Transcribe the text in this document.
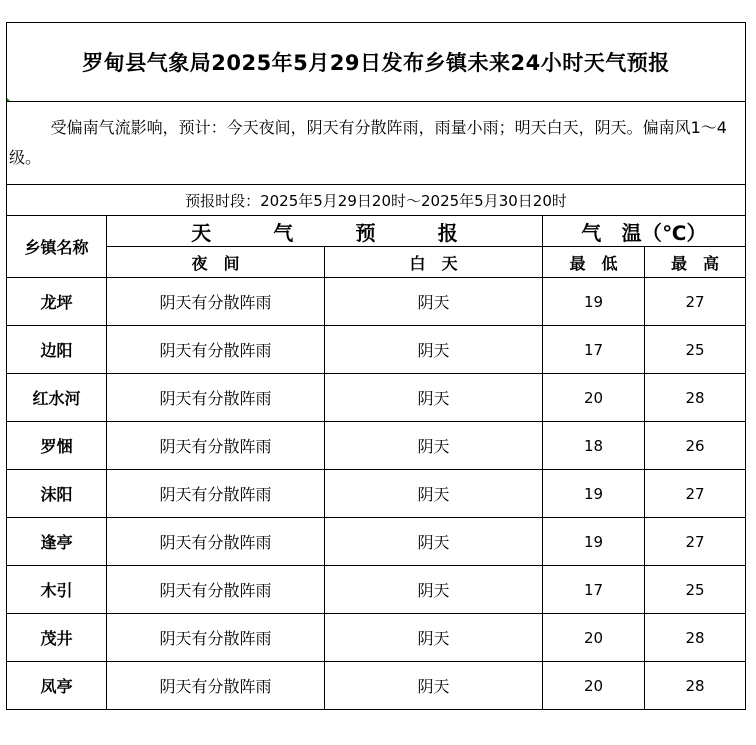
罗甸县气象局2025年5月29日发布乡镇未来24小时天气预报				

受偏南气流影响，预计：今天夜间，阴天有分散阵雨，雨量小雨；明天白天，阴天。偏南风1～4级。				
预报时段：2025年5月29日20时～2025年5月30日20时				
乡镇名称	天 气 预 报		气　温（℃）	
	夜　间	白　天	最　低	最　高
龙坪	阴天有分散阵雨	阴天	19	27
边阳	阴天有分散阵雨	阴天	17	25
红水河	阴天有分散阵雨	阴天	20	28
罗悃	阴天有分散阵雨	阴天	18	26
沫阳	阴天有分散阵雨	阴天	19	27
逢亭	阴天有分散阵雨	阴天	19	27
木引	阴天有分散阵雨	阴天	17	25
茂井	阴天有分散阵雨	阴天	20	28
凤亭	阴天有分散阵雨	阴天	20	28
